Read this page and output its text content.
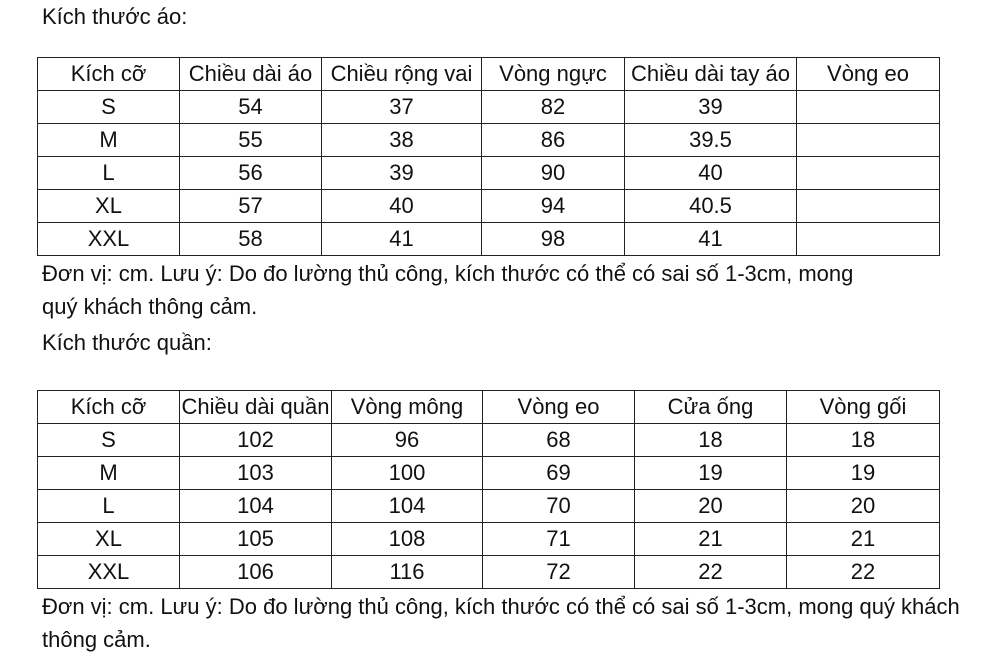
Kích thước áo:
Kích cỡ	Chiều dài áo	Chiều rộng vai	Vòng ngực	Chiều dài tay áo	Vòng eo
S	54	37	82	39	
M	55	38	86	39.5	
L	56	39	90	40	
XL	57	40	94	40.5	
XXL	58	41	98	41	
Đơn vị: cm. Lưu ý: Do đo lường thủ công, kích thước có thể có sai số 1-3cm, mong
quý khách thông cảm.
Kích thước quần:
Kích cỡ	Chiều dài quần	Vòng mông	Vòng eo	Cửa ống	Vòng gối
S	102	96	68	18	18
M	103	100	69	19	19
L	104	104	70	20	20
XL	105	108	71	21	21
XXL	106	116	72	22	22
Đơn vị: cm. Lưu ý: Do đo lường thủ công, kích thước có thể có sai số 1-3cm, mong quý khách
thông cảm.
